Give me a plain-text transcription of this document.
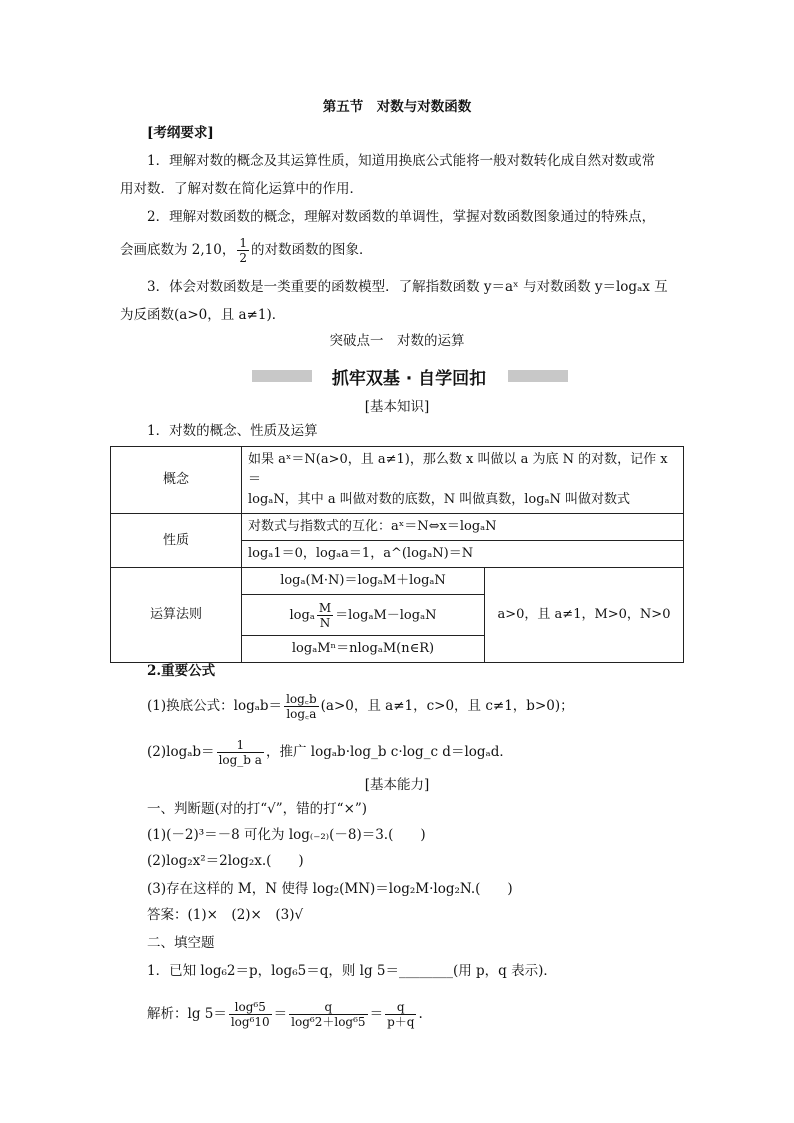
第五节　对数与对数函数
[考纲要求]
1．理解对数的概念及其运算性质，知道用换底公式能将一般对数转化成自然对数或常
用对数．了解对数在简化运算中的作用．
2．理解对数函数的概念，理解对数函数的单调性，掌握对数函数图象通过的特殊点，
会画底数为 2,10， $\frac{1}{2}$ 的对数函数的图象．
3．体会对数函数是一类重要的函数模型．了解指数函数 y＝aˣ 与对数函数 y＝logₐx 互
为反函数(a>0，且 a≠1)．
突破点一　对数的运算
抓牢双基 · 自学回扣
[基本知识]
1．对数的概念、性质及运算
概念	如果 aˣ＝N(a>0，且 a≠1)，那么数 x 叫做以 a 为底 N 的对数，记作 x＝
logₐN，其中 a 叫做对数的底数，N 叫做真数，logₐN 叫做对数式	

性质	对数式与指数式的互化：aˣ＝N⇔x＝logₐN	
	logₐ1＝0，logₐa＝1，a^(logₐN)＝N	
运算法则	logₐ(M·N)＝logₐM＋logₐN	a>0，且 a≠1，M>0，N>0
	logₐ $\frac{M}{N} =\log_aM-\log_aN$	
	logₐMⁿ＝nlogₐM(n∈R)	
2.重要公式
(1)换底公式：$\log_ab= \frac{\log꜀b}{\log꜀a} (a>0$，且 a≠1，c>0，且 c≠1，b>0)；
$(2)\log_ab= \frac{1}{\text{log\_b a}}$ ，推广 logₐb·log_b c·log_c d＝logₐd．
[基本能力]
一、判断题(对的打“√”，错的打“×”)
(1)(－2)³＝－8 可化为 log₍₋₂₎(－8)＝3.(　　)
(2)log₂x²＝2log₂x.(　　)
(3)存在这样的 M，N 使得 log₂(MN)＝log₂M·log₂N.(　　)
答案：(1)×　(2)×　(3)√
二、填空题
1．已知 log₆2＝p，log₆5＝q，则 lg 5＝________(用 p，q 表示)．
解析：$\lg 5= \frac{\text{log⁶5}}{\text{log⁶10}} = \frac{q}{\text{log⁶2＋log⁶5}} = \frac{q}{p+q}$ .
